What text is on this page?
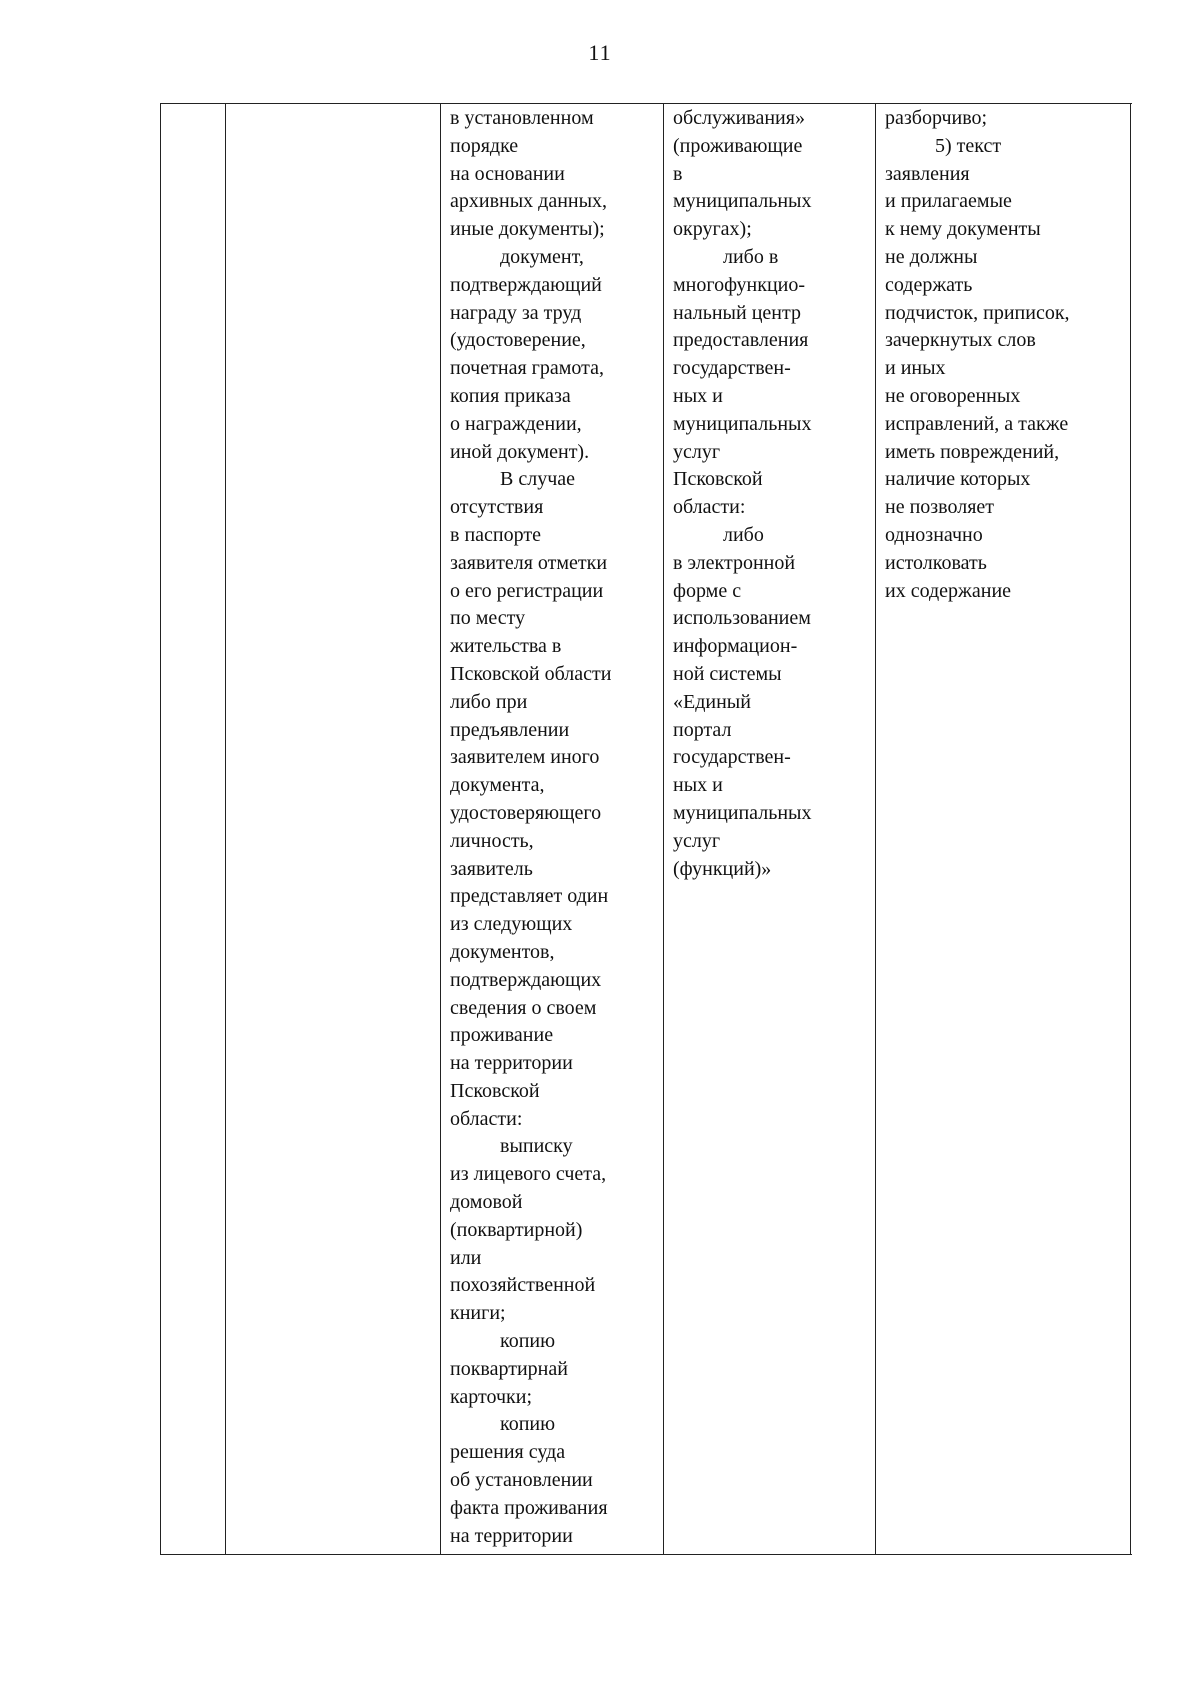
11
в установленном
порядке
на основании
архивных данных,
иные документы);
документ,
подтверждающий
награду за труд
(удостоверение,
почетная грамота,
копия приказа
о награждении,
иной документ).
В случае
отсутствия
в паспорте
заявителя отметки
о его регистрации
по месту
жительства в
Псковской области
либо при
предъявлении
заявителем иного
документа,
удостоверяющего
личность,
заявитель
представляет один
из следующих
документов,
подтверждающих
сведения о своем
проживание
на территории
Псковской
области:
выписку
из лицевого счета,
домовой
(поквартирной)
или
похозяйственной
книги;
копию
поквартирнай
карточки;
копию
решения суда
об установлении
факта проживания
на территории
обслуживания»
(проживающие
в
муниципальных
округах);
либо в
многофункцио-
нальный центр
предоставления
государствен-
ных и
муниципальных
услуг
Псковской
области:
либо
в электронной
форме с
использованием
информацион-
ной системы
«Единый
портал
государствен-
ных и
муниципальных
услуг
(функций)»
разборчиво;
5) текст
заявления
и прилагаемые
к нему документы
не должны
содержать
подчисток, приписок,
зачеркнутых слов
и иных
не оговоренных
исправлений, а также
иметь повреждений,
наличие которых
не позволяет
однозначно
истолковать
их содержание
